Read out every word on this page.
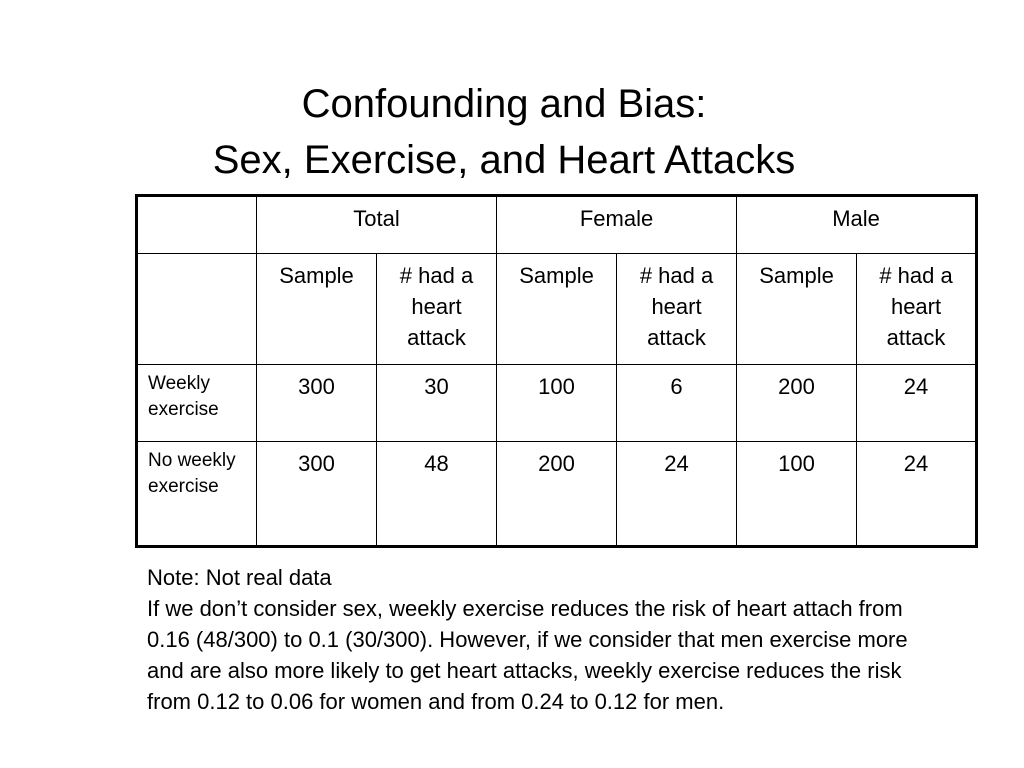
Confounding and Bias:
Sex, Exercise, and Heart Attacks
	Total		Female		Male	
	Sample	# had a heart attack	Sample	# had a heart attack	Sample	# had a heart attack
Weekly exercise	300	30	100	6	200	24
No weekly exercise	300	48	200	24	100	24

Note: Not real data

If we don’t consider sex, weekly exercise reduces the risk of heart attach from 0.16 (48/300) to 0.1 (30/300). However, if we consider that men exercise more and are also more likely to get heart attacks, weekly exercise reduces the risk from 0.12 to 0.06 for women and from 0.24 to 0.12 for men.
